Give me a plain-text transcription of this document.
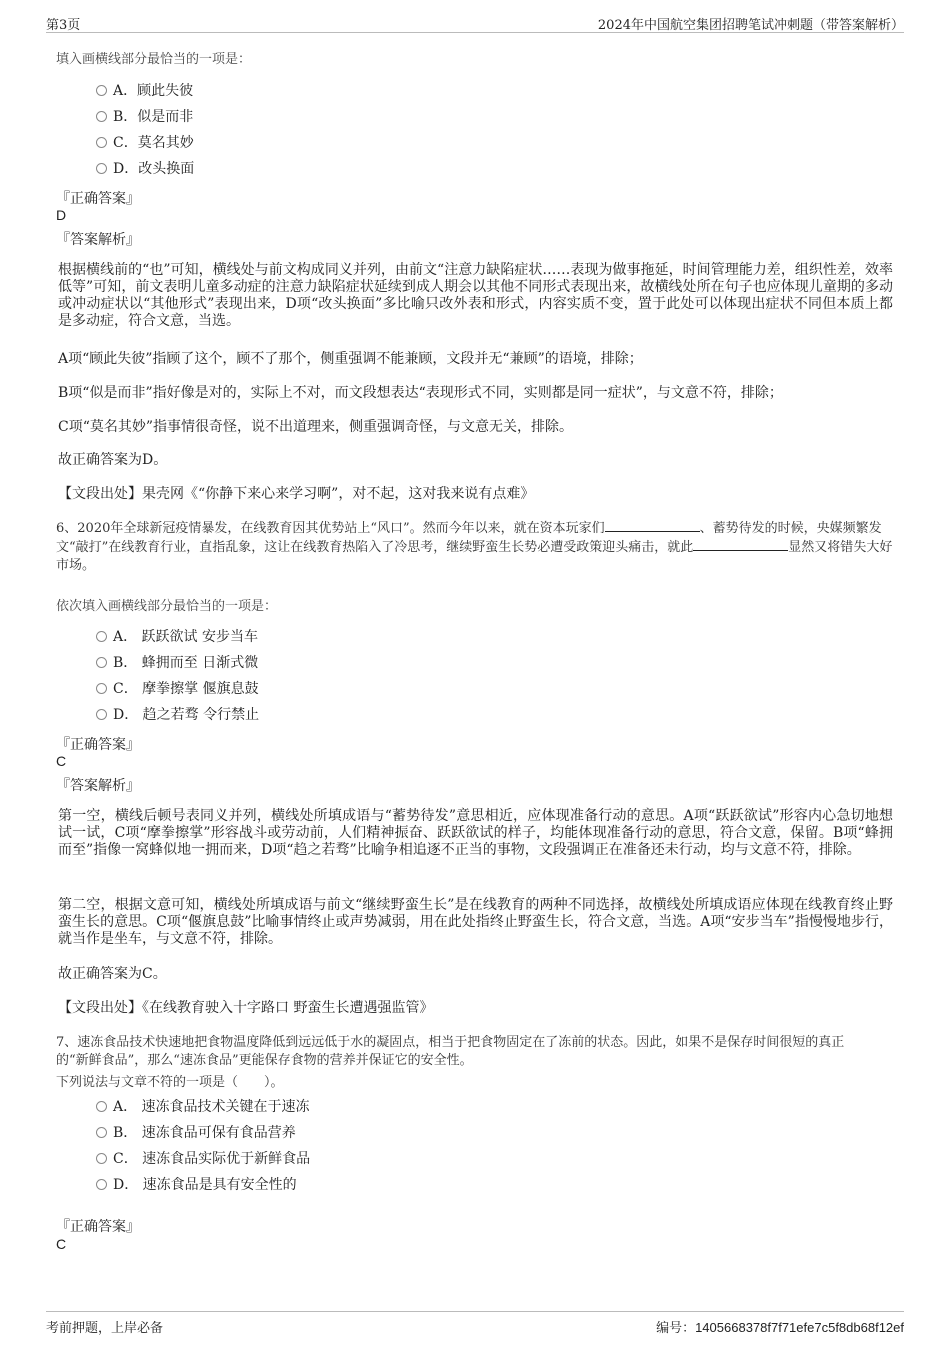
第3页	2024年中国航空集团招聘笔试冲刺题（带答案解析）
填入画横线部分最恰当的一项是：
A．顾此失彼
B．似是而非
C．莫名其妙
D．改头换面
『正确答案』
D
『答案解析』
根据横线前的“也”可知，横线处与前文构成同义并列，由前文“注意力缺陷症状……表现为做事拖延，时间管理能力差，组织性差，效率低等”可知，前文表明儿童多动症的注意力缺陷症状延续到成人期会以其他不同形式表现出来，故横线处所在句子也应体现儿童期的多动或冲动症状以“其他形式”表现出来，D项“改头换面”多比喻只改外表和形式，内容实质不变，置于此处可以体现出症状不同但本质上都是多动症，符合文意，当选。
A项“顾此失彼”指顾了这个，顾不了那个，侧重强调不能兼顾，文段并无“兼顾”的语境，排除；
B项“似是而非”指好像是对的，实际上不对，而文段想表达“表现形式不同，实则都是同一症状”，与文意不符，排除；
C项“莫名其妙”指事情很奇怪，说不出道理来，侧重强调奇怪，与文意无关，排除。
故正确答案为D。
【文段出处】果壳网《“你静下来心来学习啊”，对不起，这对我来说有点难》
6、2020年全球新冠疫情暴发，在线教育因其优势站上“风口”。然而今年以来，就在资本玩家们	、蓄势待发的时候，央媒频繁发文“敲打”在线教育行业，直指乱象，这让在线教育热陷入了冷思考，继续野蛮生长势必遭受政策迎头痛击，就此	显然又将错失大好市场。
依次填入画横线部分最恰当的一项是：
A． 跃跃欲试 安步当车
B． 蜂拥而至 日渐式微
C． 摩拳擦掌 偃旗息鼓
D． 趋之若骛 令行禁止
『正确答案』
C
『答案解析』
第一空，横线后顿号表同义并列，横线处所填成语与“蓄势待发”意思相近，应体现准备行动的意思。A项“跃跃欲试”形容内心急切地想试一试，C项“摩拳擦掌”形容战斗或劳动前，人们精神振奋、跃跃欲试的样子，均能体现准备行动的意思，符合文意，保留。B项“蜂拥而至”指像一窝蜂似地一拥而来，D项“趋之若骛”比喻争相追逐不正当的事物，文段强调正在准备还未行动，均与文意不符，排除。
第二空，根据文意可知，横线处所填成语与前文“继续野蛮生长”是在线教育的两种不同选择，故横线处所填成语应体现在线教育终止野蛮生长的意思。C项“偃旗息鼓”比喻事情终止或声势减弱，用在此处指终止野蛮生长，符合文意，当选。A项“安步当车”指慢慢地步行，就当作是坐车，与文意不符，排除。
故正确答案为C。
【文段出处】《在线教育驶入十字路口 野蛮生长遭遇强监管》
7、速冻食品技术快速地把食物温度降低到远远低于水的凝固点，相当于把食物固定在了冻前的状态。因此，如果不是保存时间很短的真正的“新鲜食品”，那么“速冻食品”更能保存食物的营养并保证它的安全性。
下列说法与文章不符的一项是（　　）。
A． 速冻食品技术关键在于速冻
B． 速冻食品可保有食品营养
C． 速冻食品实际优于新鲜食品
D． 速冻食品是具有安全性的
『正确答案』
C
考前押题，上岸必备	编号：1405668378f7f71efe7c5f8db68f12ef
